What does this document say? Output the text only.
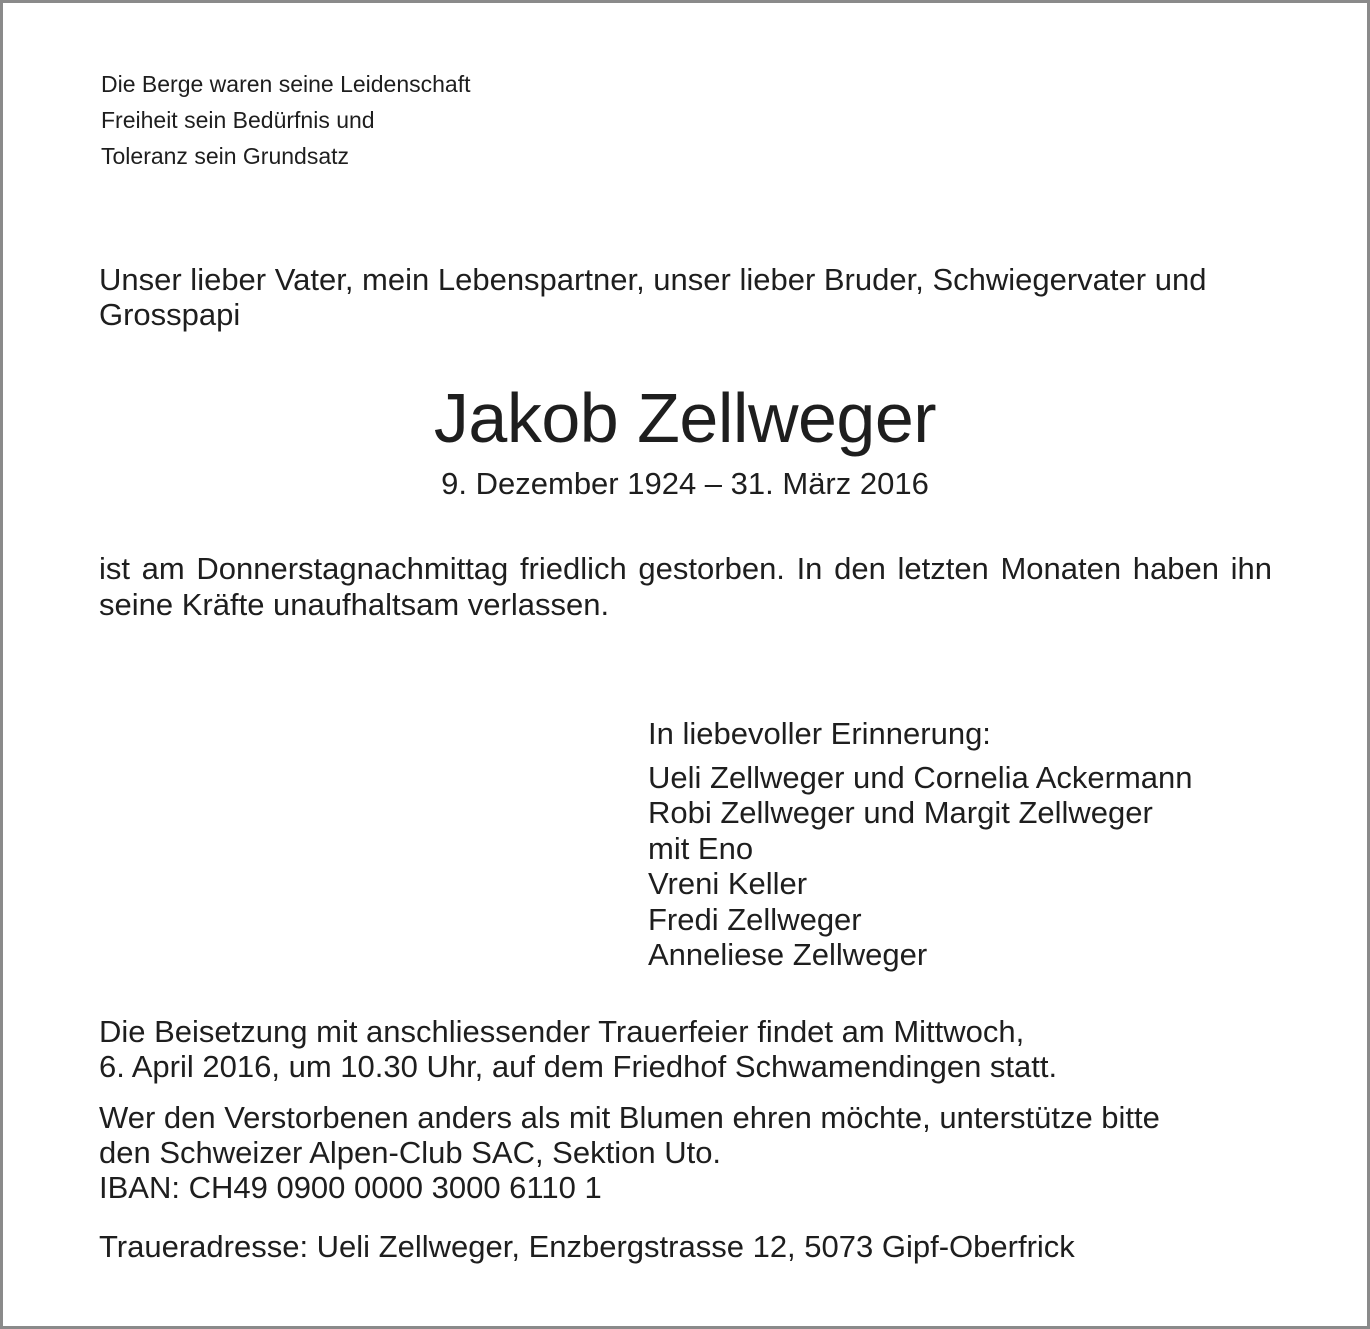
Die Berge waren seine Leidenschaft
Freiheit sein Bedürfnis und
Toleranz sein Grundsatz
Unser lieber Vater, mein Lebenspartner, unser lieber Bruder, Schwiegervater und Grosspapi
Jakob Zellweger
9. Dezember 1924 – 31. März 2016
ist am Donnerstagnachmittag friedlich gestorben. In den letzten Monaten haben ihn seine Kräfte unaufhaltsam verlassen.
In liebevoller Erinnerung:
Ueli Zellweger und Cornelia Ackermann
Robi Zellweger und Margit Zellweger
mit Eno
Vreni Keller
Fredi Zellweger
Anneliese Zellweger
Die Beisetzung mit anschliessender Trauerfeier findet am Mittwoch,
6. April 2016, um 10.30 Uhr, auf dem Friedhof Schwamendingen statt.
Wer den Verstorbenen anders als mit Blumen ehren möchte, unterstütze bitte
den Schweizer Alpen-Club SAC, Sektion Uto.
IBAN: CH49 0900 0000 3000 6110 1
Traueradresse: Ueli Zellweger, Enzbergstrasse 12, 5073 Gipf-Oberfrick
